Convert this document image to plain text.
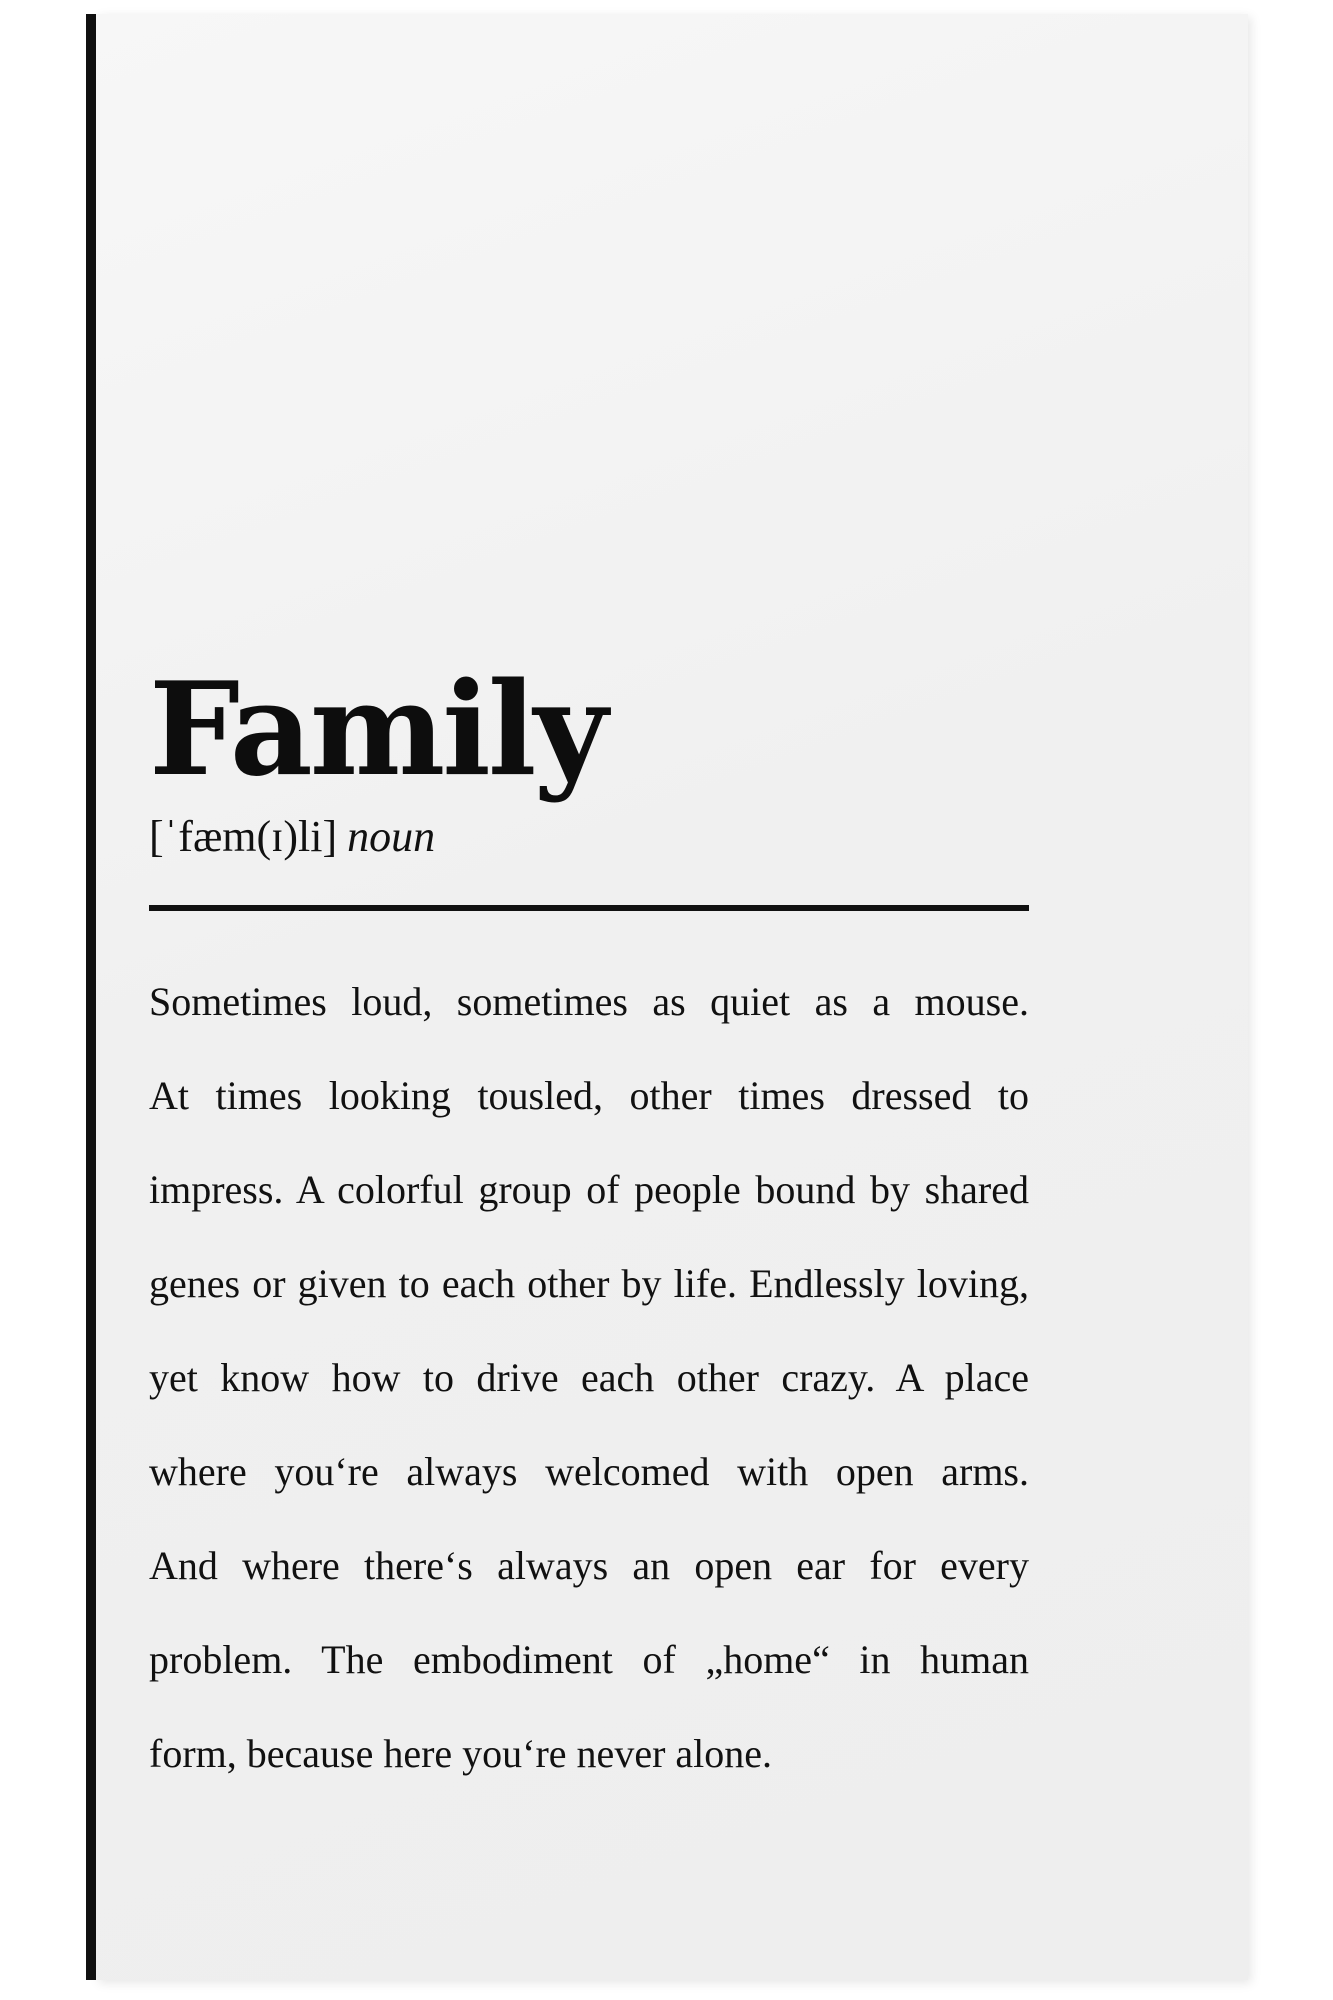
Family
[ˈfæm(ɪ)li] noun
Sometimes loud, sometimes as quiet as a mouse.
At times looking tousled, other times dressed to
impress. A colorful group of people bound by shared
genes or given to each other by life. Endlessly loving,
yet know how to drive each other crazy. A place
where you‘re always welcomed with open arms.
And where there‘s always an open ear for every
problem. The embodiment of „home“ in human
form, because here you‘re never alone.
